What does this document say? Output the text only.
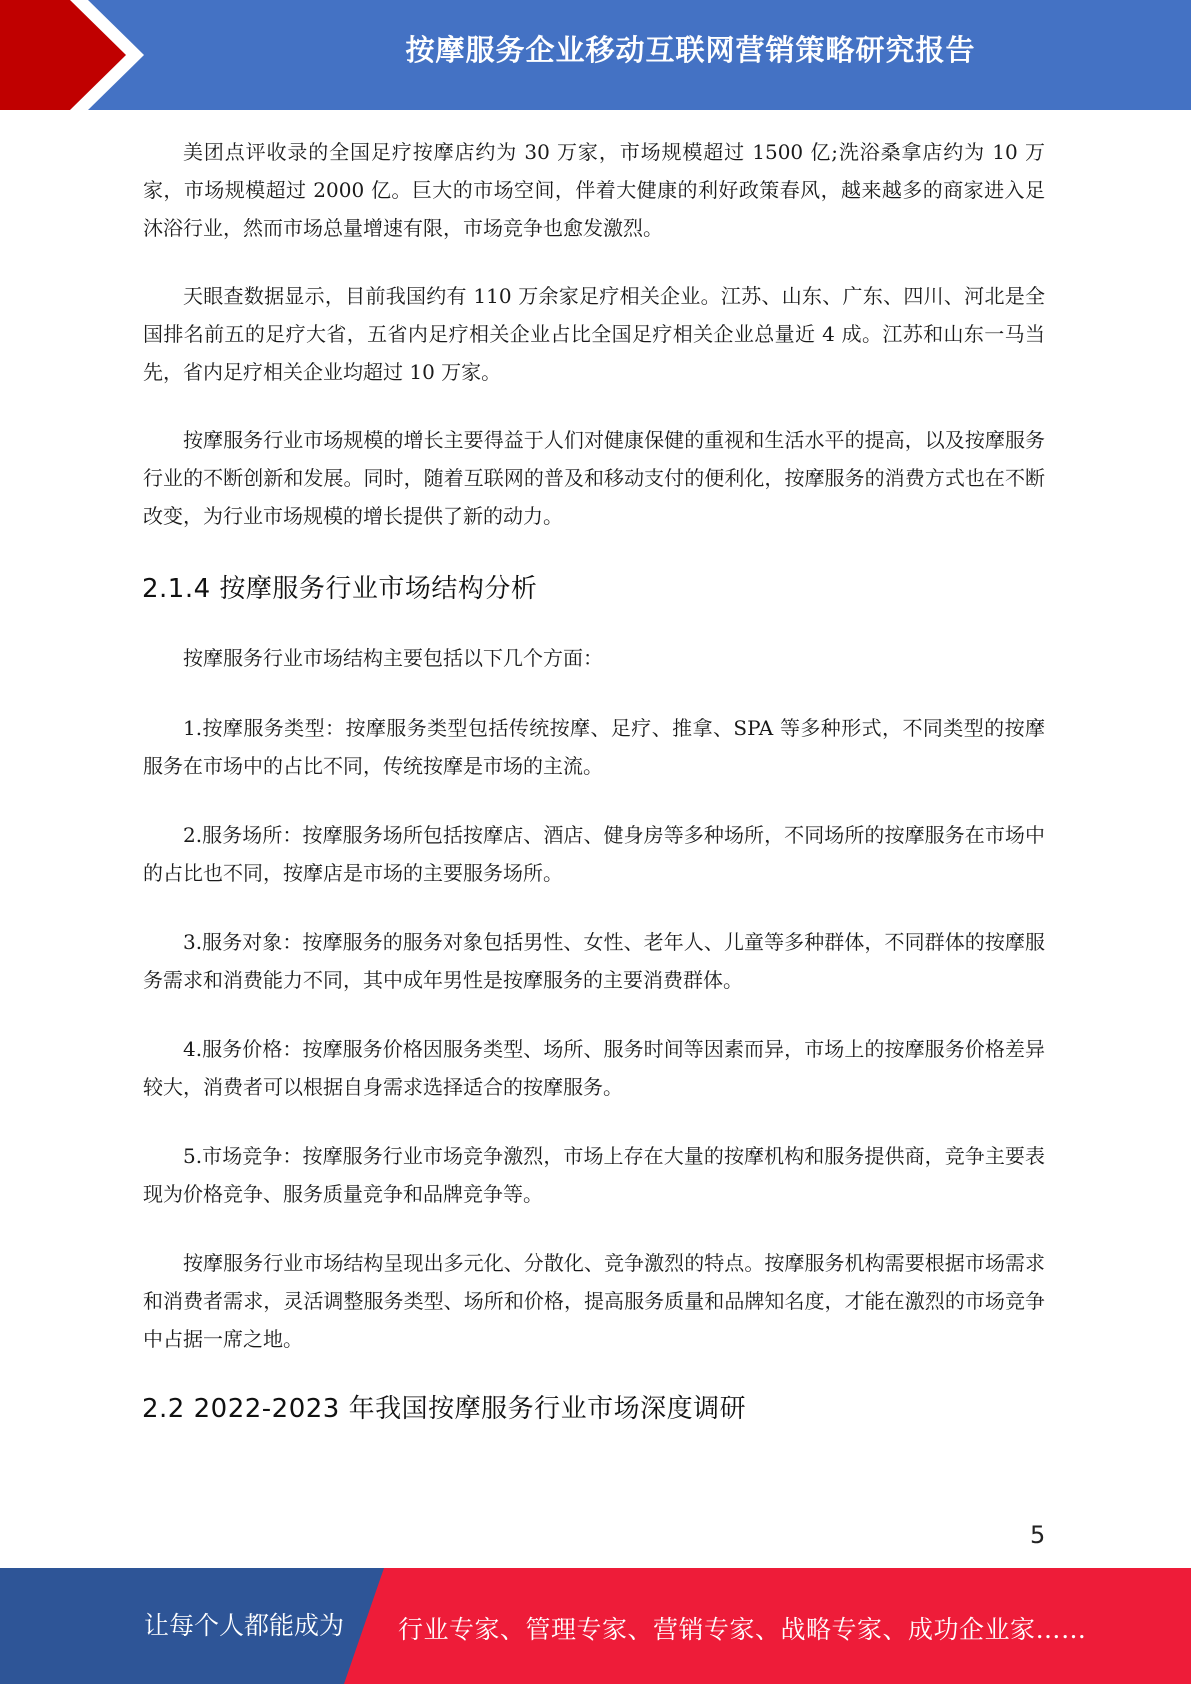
按摩服务企业移动互联网营销策略研究报告

美团点评收录的全国足疗按摩店约为 30 万家，市场规模超过 1500 亿;洗浴桑拿店约为 10 万家，市场规模超过 2000 亿。巨大的市场空间，伴着大健康的利好政策春风，越来越多的商家进入足沐浴行业，然而市场总量增速有限，市场竞争也愈发激烈。

天眼查数据显示，目前我国约有 110 万余家足疗相关企业。江苏、山东、广东、四川、河北是全国排名前五的足疗大省，五省内足疗相关企业占比全国足疗相关企业总量近 4 成。江苏和山东一马当先，省内足疗相关企业均超过 10 万家。

按摩服务行业市场规模的增长主要得益于人们对健康保健的重视和生活水平的提高，以及按摩服务行业的不断创新和发展。同时，随着互联网的普及和移动支付的便利化，按摩服务的消费方式也在不断改变，为行业市场规模的增长提供了新的动力。

2.1.4 按摩服务行业市场结构分析

按摩服务行业市场结构主要包括以下几个方面：

1.按摩服务类型：按摩服务类型包括传统按摩、足疗、推拿、SPA 等多种形式，不同类型的按摩服务在市场中的占比不同，传统按摩是市场的主流。

2.服务场所：按摩服务场所包括按摩店、酒店、健身房等多种场所，不同场所的按摩服务在市场中的占比也不同，按摩店是市场的主要服务场所。

3.服务对象：按摩服务的服务对象包括男性、女性、老年人、儿童等多种群体，不同群体的按摩服务需求和消费能力不同，其中成年男性是按摩服务的主要消费群体。

4.服务价格：按摩服务价格因服务类型、场所、服务时间等因素而异，市场上的按摩服务价格差异较大，消费者可以根据自身需求选择适合的按摩服务。

5.市场竞争：按摩服务行业市场竞争激烈，市场上存在大量的按摩机构和服务提供商，竞争主要表现为价格竞争、服务质量竞争和品牌竞争等。

按摩服务行业市场结构呈现出多元化、分散化、竞争激烈的特点。按摩服务机构需要根据市场需求和消费者需求，灵活调整服务类型、场所和价格，提高服务质量和品牌知名度，才能在激烈的市场竞争中占据一席之地。

2.2 2022-2023 年我国按摩服务行业市场深度调研
5
让每个人都能成为 行业专家、管理专家、营销专家、战略专家、成功企业家……
